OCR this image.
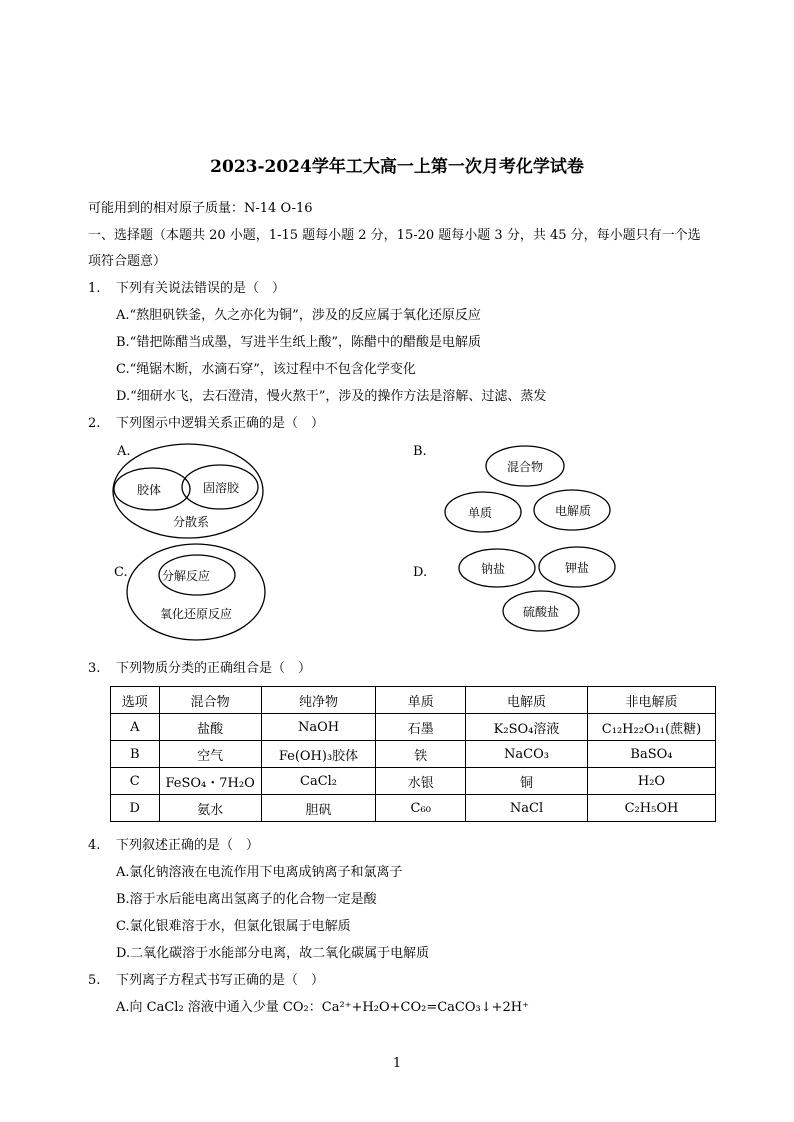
2023-2024学年工大高一上第一次月考化学试卷
可能用到的相对原子质量：N-14 O-16
一、选择题（本题共 20 小题，1-15 题每小题 2 分，15-20 题每小题 3 分，共 45 分，每小题只有一个选
项符合题意）
1. 下列有关说法错误的是（　）
A.“熬胆矾铁釜，久之亦化为铜”，涉及的反应属于氧化还原反应
B.“错把陈醋当成墨，写进半生纸上酸”，陈醋中的醋酸是电解质
C.“绳锯木断，水滴石穿”，该过程中不包含化学变化
D.“细研水飞，去石澄清，慢火熬干”，涉及的操作方法是溶解、过滤、蒸发
2. 下列图示中逻辑关系正确的是（　）
A.
胶体	固溶胶
分散系
B.
混合物
单质	电解质
C.	分解反应
氧化还原反应
D.	钠盐	钾盐
硫酸盐
3. 下列物质分类的正确组合是（　）
选项	混合物	纯净物	单质	电解质	非电解质
A	盐酸	NaOH	石墨	K₂SO₄溶液	C₁₂H₂₂O₁₁(蔗糖)
B	空气	Fe(OH)₃胶体	铁	NaCO₃	BaSO₄
C	FeSO₄・7H₂O	CaCl₂	水银	铜	H₂O
D	氨水	胆矾	C₆₀	NaCl	C₂H₅OH
4. 下列叙述正确的是（　）
A.氯化钠溶液在电流作用下电离成钠离子和氯离子
B.溶于水后能电离出氢离子的化合物一定是酸
C.氯化银难溶于水，但氯化银属于电解质
D.二氧化碳溶于水能部分电离，故二氧化碳属于电解质
5. 下列离子方程式书写正确的是（　）
A.向 CaCl₂ 溶液中通入少量 CO₂：Ca²⁺+H₂O+CO₂=CaCO₃↓+2H⁺
1
